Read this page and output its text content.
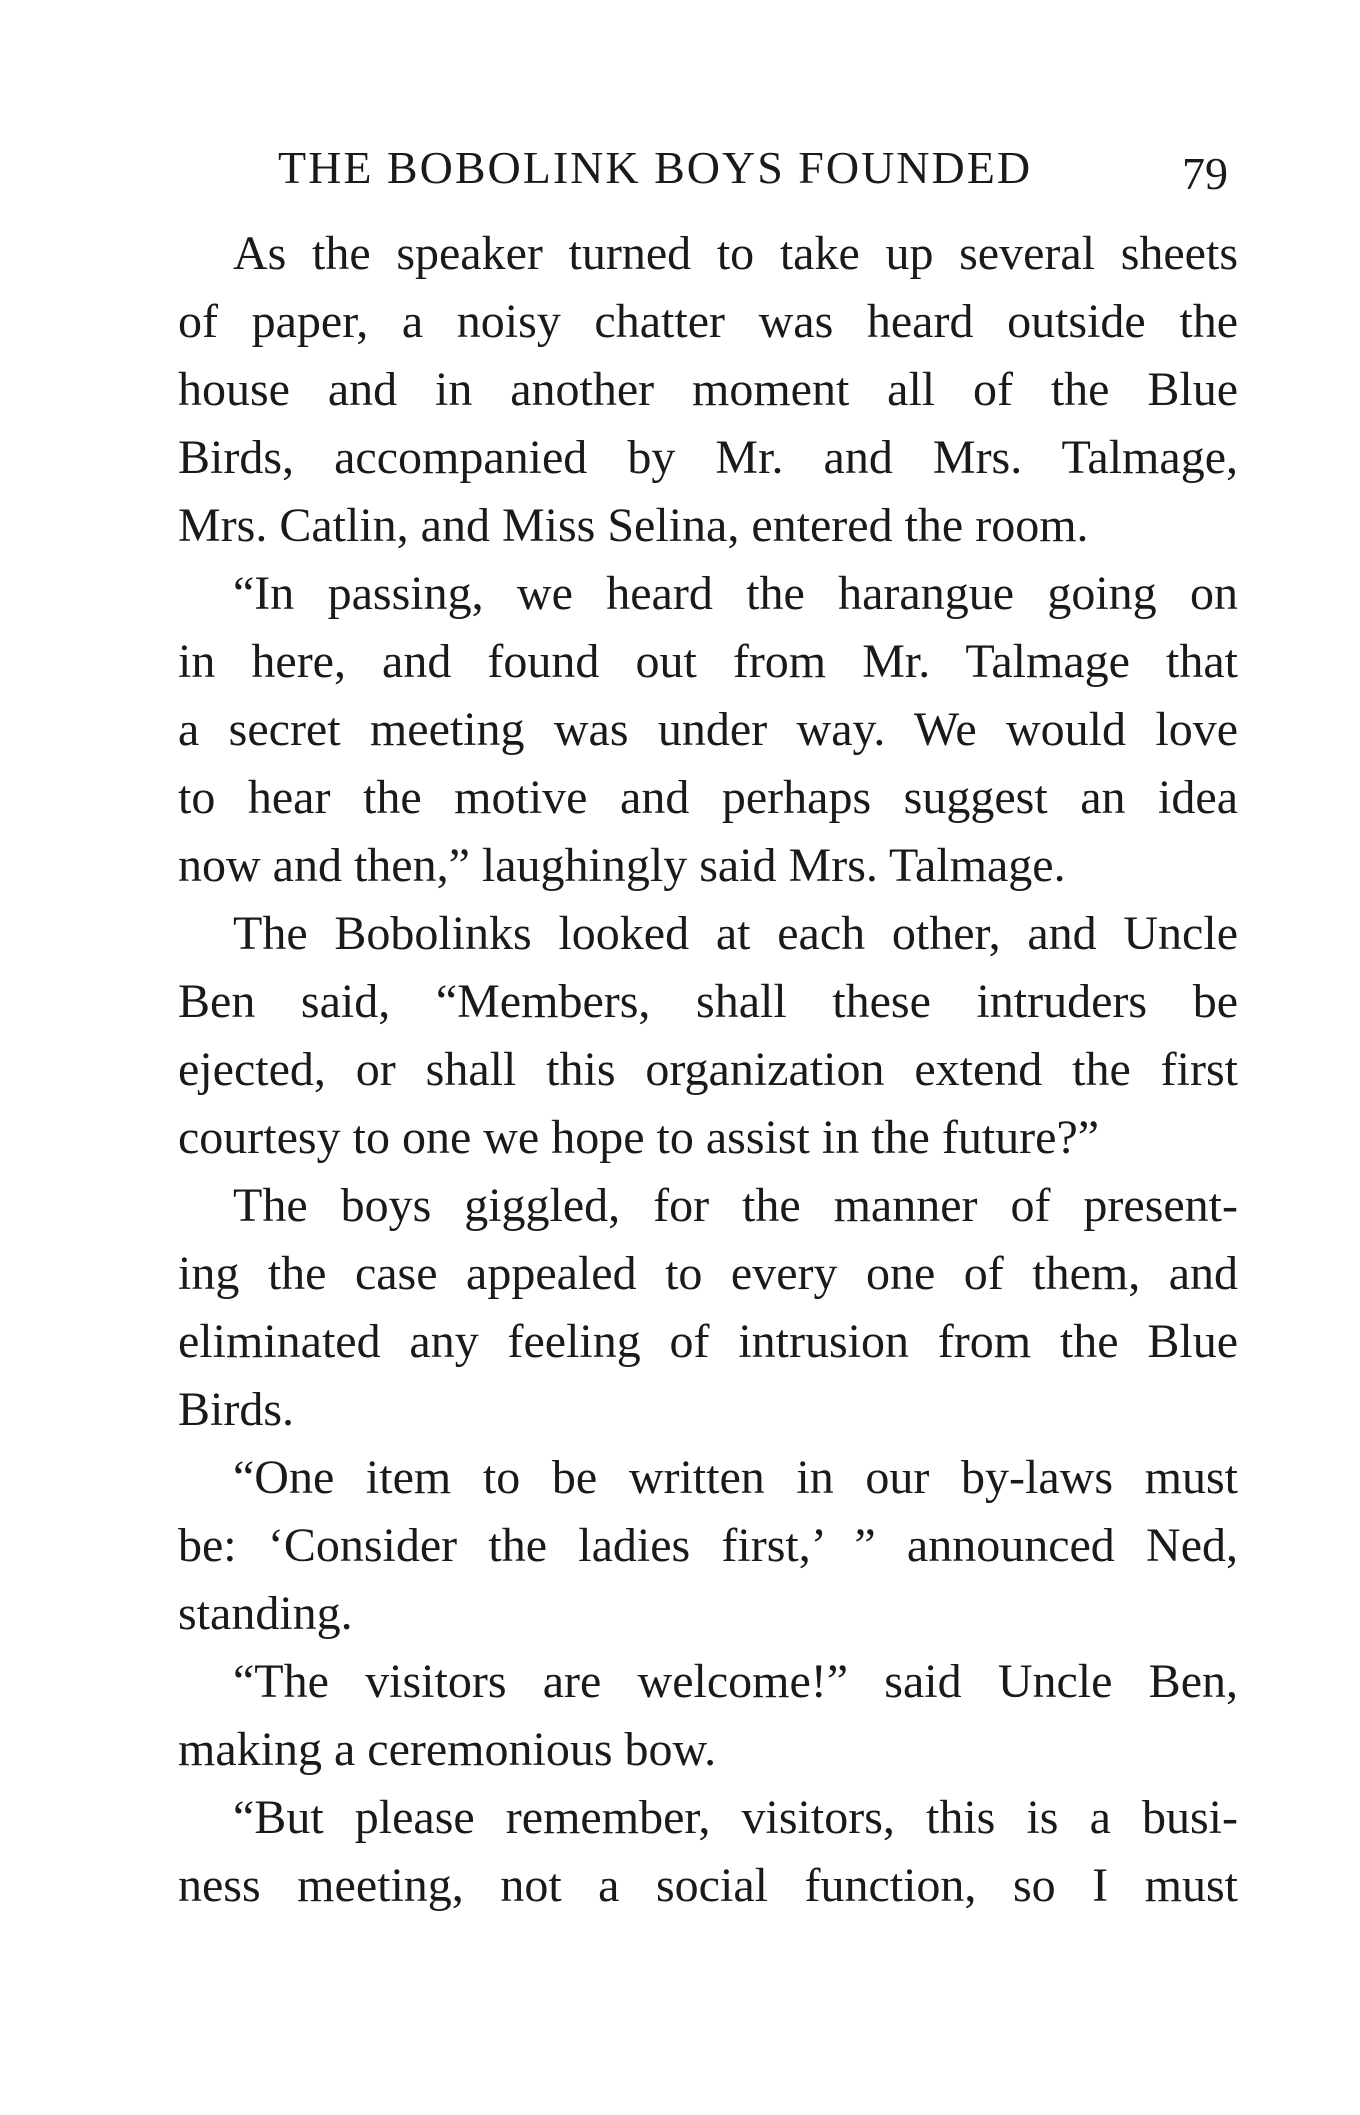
THE BOBOLINK BOYS FOUNDED	79
As the speaker turned to take up several sheets
of paper, a noisy chatter was heard outside the
house and in another moment all of the Blue
Birds, accompanied by Mr. and Mrs. Talmage,
Mrs. Catlin, and Miss Selina, entered the room.
“In passing, we heard the harangue going on
in here, and found out from Mr. Talmage that
a secret meeting was under way. We would love
to hear the motive and perhaps suggest an idea
now and then,” laughingly said Mrs. Talmage.
The Bobolinks looked at each other, and Uncle
Ben said, “Members, shall these intruders be
ejected, or shall this organization extend the first
courtesy to one we hope to assist in the future?”
The boys giggled, for the manner of present-
ing the case appealed to every one of them, and
eliminated any feeling of intrusion from the Blue
Birds.
“One item to be written in our by-laws must
be: ‘Consider the ladies first,’ ” announced Ned,
standing.
“The visitors are welcome!” said Uncle Ben,
making a ceremonious bow.
“But please remember, visitors, this is a busi-
ness meeting, not a social function, so I must
